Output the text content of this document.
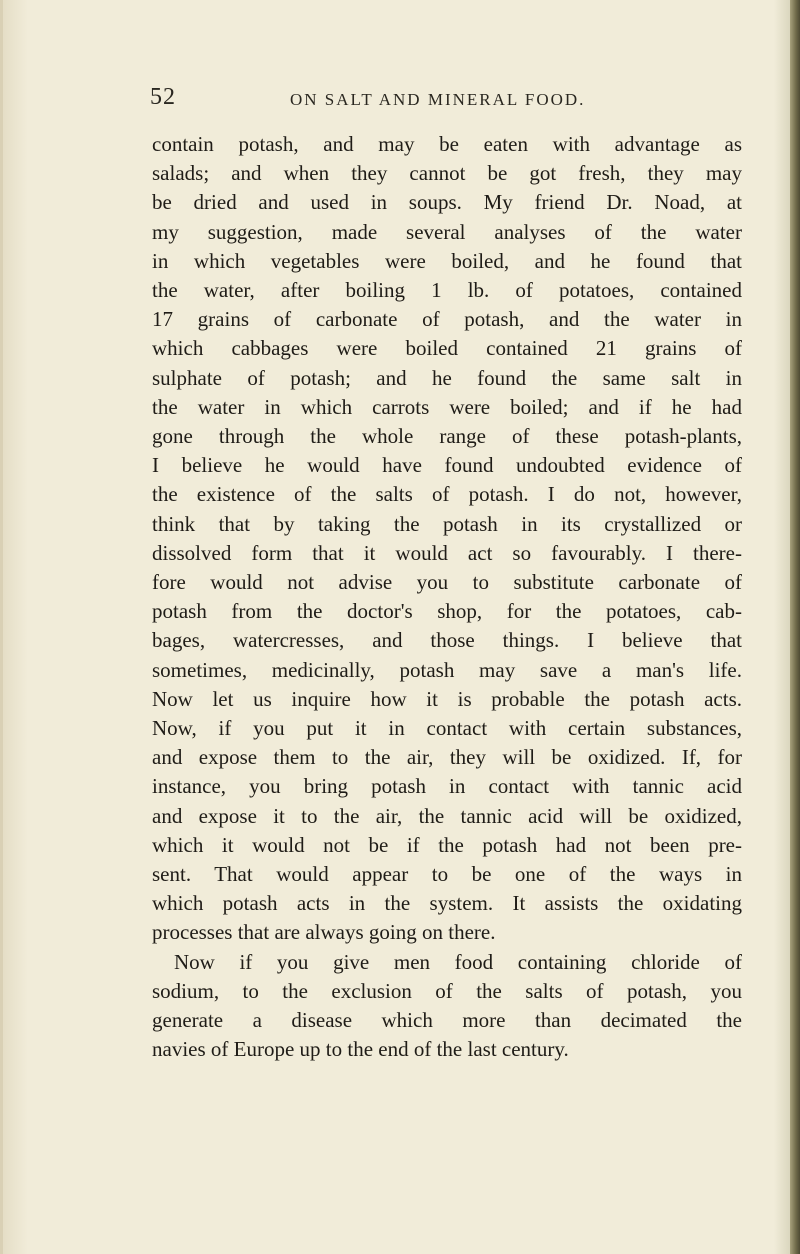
52	ON SALT AND MINERAL FOOD.
contain potash, and may be eaten with advantage as
salads; and when they cannot be got fresh, they may
be dried and used in soups. My friend Dr. Noad, at
my suggestion, made several analyses of the water
in which vegetables were boiled, and he found that
the water, after boiling 1 lb. of potatoes, contained
17 grains of carbonate of potash, and the water in
which cabbages were boiled contained 21 grains of
sulphate of potash; and he found the same salt in
the water in which carrots were boiled; and if he had
gone through the whole range of these potash-plants,
I believe he would have found undoubted evidence of
the existence of the salts of potash. I do not, however,
think that by taking the potash in its crystallized or
dissolved form that it would act so favourably. I there-
fore would not advise you to substitute carbonate of
potash from the doctor's shop, for the potatoes, cab-
bages, watercresses, and those things. I believe that
sometimes, medicinally, potash may save a man's life.
Now let us inquire how it is probable the potash acts.
Now, if you put it in contact with certain substances,
and expose them to the air, they will be oxidized. If, for
instance, you bring potash in contact with tannic acid
and expose it to the air, the tannic acid will be oxidized,
which it would not be if the potash had not been pre-
sent. That would appear to be one of the ways in
which potash acts in the system. It assists the oxidating
processes that are always going on there.
Now if you give men food containing chloride of
sodium, to the exclusion of the salts of potash, you
generate a disease which more than decimated the
navies of Europe up to the end of the last century.
